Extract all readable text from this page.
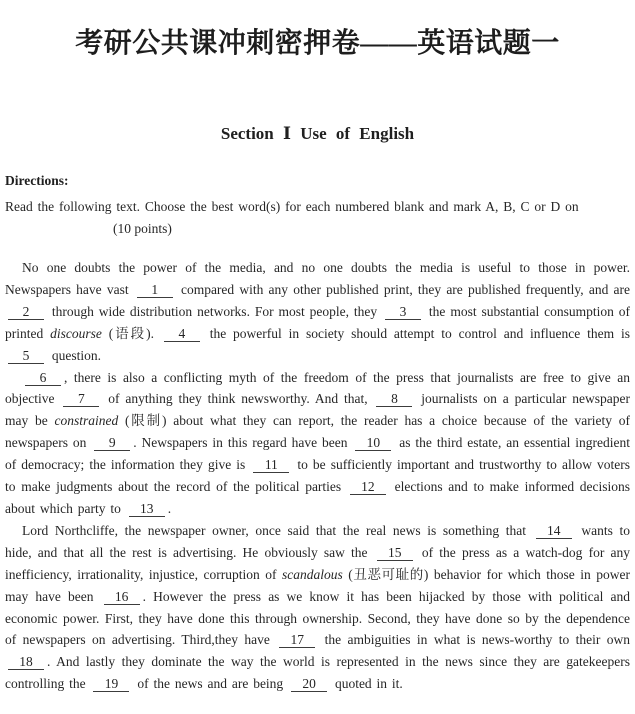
考研公共课冲刺密押卷——英语试题一
Section Ⅰ Use of English
Directions:
Read the following text. Choose the best word(s) for each numbered blank and mark A, B, C or D on
(10 points)

No one doubts the power of the media, and no one doubts the media is useful to those in power. Newspapers have vast 1 compared with any other published print, they are published frequently, and are 2 through wide distribution networks. For most people, they 3 the most substantial consumption of printed discourse (语段). 4 the powerful in society should attempt to control and influence them is 5 question.

6 , there is also a conflicting myth of the freedom of the press that journalists are free to give an objective 7 of anything they think newsworthy. And that, 8 journalists on a particular newspaper may be constrained (限制) about what they can report, the reader has a choice because of the variety of newspapers on 9 . Newspapers in this regard have been 10 as the third estate, an essential ingredient of democracy; the information they give is 11 to be sufficiently important and trustworthy to allow voters to make judgments about the record of the political parties 12 elections and to make informed decisions about which party to 13 .

Lord Northcliffe, the newspaper owner, once said that the real news is something that 14 wants to hide, and that all the rest is advertising. He obviously saw the 15 of the press as a watch-dog for any inefficiency, irrationality, injustice, corruption of scandalous (丑恶可耻的) behavior for which those in power may have been 16 . However the press as we know it has been hijacked by those with political and economic power. First, they have done this through ownership. Second, they have done so by the dependence of newspapers on advertising. Third,they have 17 the ambiguities in what is news-worthy to their own 18 . And lastly they dominate the way the world is represented in the news since they are gatekeepers controlling the 19 of the news and are being 20 quoted in it.
